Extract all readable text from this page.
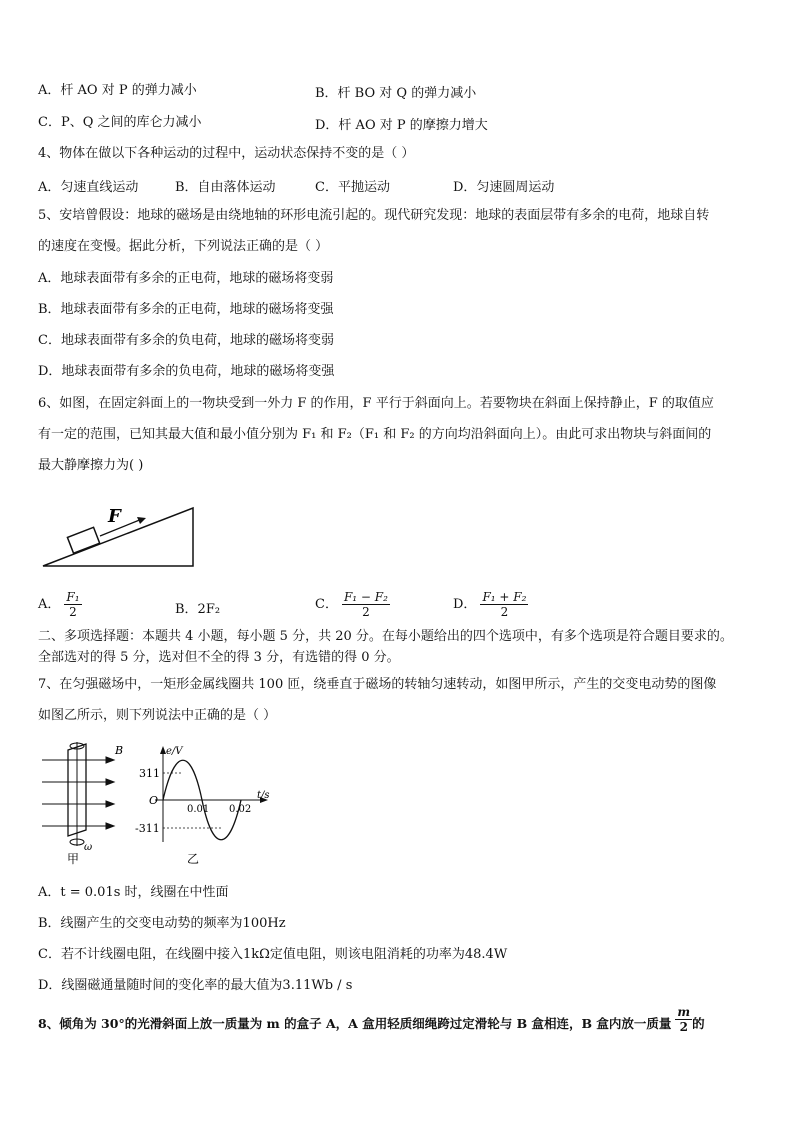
A．杆 AO 对 P 的弹力减小	B．杆 BO 对 Q 的弹力减小
C．P、Q 之间的库仑力减小	D．杆 AO 对 P 的摩擦力增大
4、物体在做以下各种运动的过程中，运动状态保持不变的是（ ）
A．匀速直线运动	B．自由落体运动	C．平抛运动	D．匀速圆周运动
5、安培曾假设：地球的磁场是由绕地轴的环形电流引起的。现代研究发现：地球的表面层带有多余的电荷，地球自转
的速度在变慢。据此分析，下列说法正确的是（ ）
A．地球表面带有多余的正电荷，地球的磁场将变弱
B．地球表面带有多余的正电荷，地球的磁场将变强
C．地球表面带有多余的负电荷，地球的磁场将变弱
D．地球表面带有多余的负电荷，地球的磁场将变强
6、如图，在固定斜面上的一物块受到一外力 F 的作用，F 平行于斜面向上。若要物块在斜面上保持静止，F 的取值应
有一定的范围，已知其最大值和最小值分别为 F₁ 和 F₂（F₁ 和 F₂ 的方向均沿斜面向上）。由此可求出物块与斜面间的
最大静摩擦力为( )
F
A． $\frac{\text{F₁}}{2}$	B．2F₂	C． $\frac{\text{F₁ − F₂}}{2}$	D． $\frac{\text{F₁ + F₂}}{2}$
二、多项选择题：本题共 4 小题，每小题 5 分，共 20 分。在每小题给出的四个选项中，有多个选项是符合题目要求的。
全部选对的得 5 分，选对但不全的得 3 分，有选错的得 0 分。
7、在匀强磁场中，一矩形金属线圈共 100 匝，绕垂直于磁场的转轴匀速转动，如图甲所示，产生的交变电动势的图像
如图乙所示，则下列说法中正确的是（ ）
B
ω
甲
e/V
t/s
311
-311
O
0.01 0.02
乙
A．t = 0.01s 时，线圈在中性面
B．线圈产生的交变电动势的频率为100Hz
C．若不计线圈电阻，在线圈中接入1kΩ定值电阻，则该电阻消耗的功率为48.4W
D．线圈磁通量随时间的变化率的最大值为3.11Wb / s
8、倾角为 30°的光滑斜面上放一质量为 m 的盒子 A，A 盒用轻质细绳跨过定滑轮与 B 盒相连，B 盒内放一质量 $\frac{m}{2}$ 的
